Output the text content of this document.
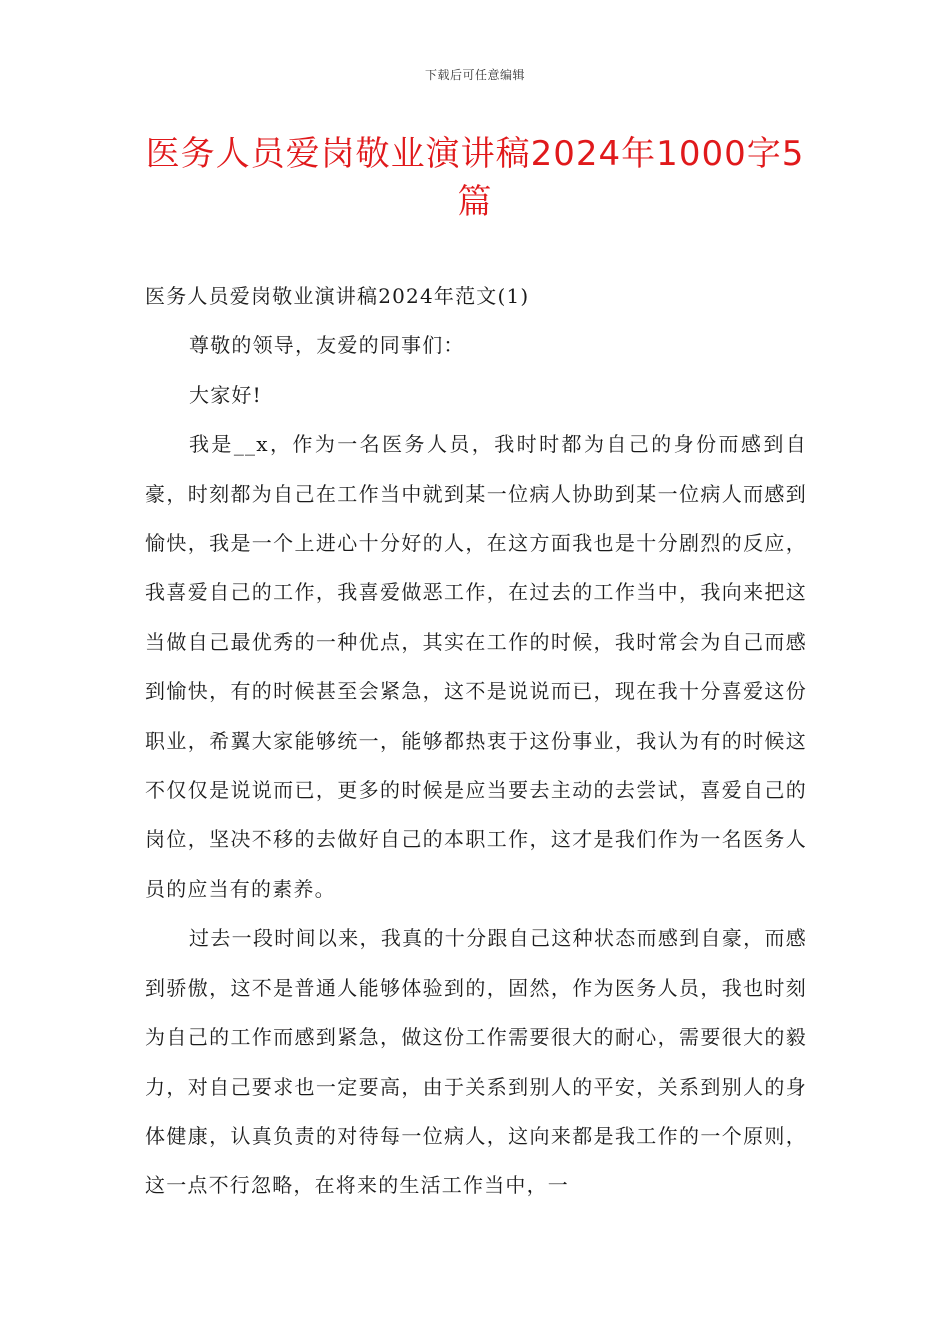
下载后可任意编辑
医务人员爱岗敬业演讲稿2024年1000字5篇

医务人员爱岗敬业演讲稿2024年范文(1)

尊敬的领导，友爱的同事们：

大家好!

我是__x，作为一名医务人员，我时时都为自己的身份而感到自豪，时刻都为自己在工作当中就到某一位病人协助到某一位病人而感到愉快，我是一个上进心十分好的人，在这方面我也是十分剧烈的反应，我喜爱自己的工作，我喜爱做恶工作，在过去的工作当中，我向来把这当做自己最优秀的一种优点，其实在工作的时候，我时常会为自己而感到愉快，有的时候甚至会紧急，这不是说说而已，现在我十分喜爱这份职业，希翼大家能够统一，能够都热衷于这份事业，我认为有的时候这不仅仅是说说而已，更多的时候是应当要去主动的去尝试，喜爱自己的岗位，坚决不移的去做好自己的本职工作，这才是我们作为一名医务人员的应当有的素养。

过去一段时间以来，我真的十分跟自己这种状态而感到自豪，而感到骄傲，这不是普通人能够体验到的，固然，作为医务人员，我也时刻为自己的工作而感到紧急，做这份工作需要很大的耐心，需要很大的毅力，对自己要求也一定要高，由于关系到别人的平安，关系到别人的身体健康，认真负责的对待每一位病人，这向来都是我工作的一个原则，这一点不行忽略，在将来的生活工作当中，一
